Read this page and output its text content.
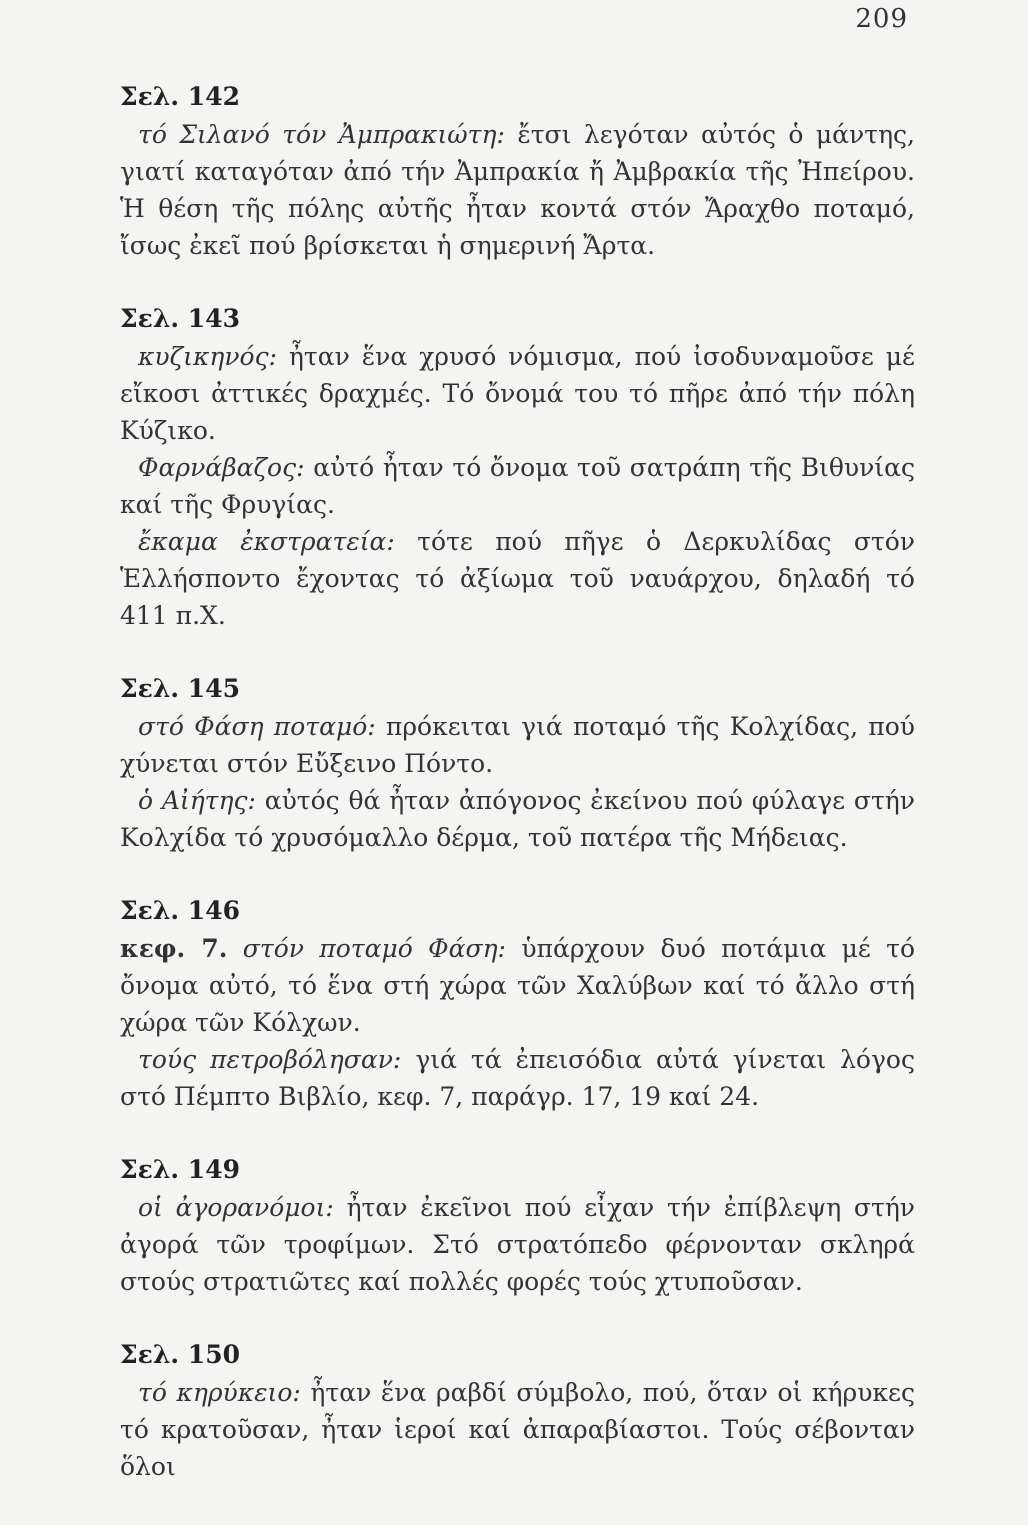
209
Σελ. 142

τό Σιλανό τόν Ἀμπρακιώτη: ἔτσι λεγόταν αὐτός ὁ μάντης, γιατί καταγόταν ἀπό τήν Ἀμπρακία ἤ Ἀμβρακία τῆς Ἠπείρου. Ἡ θέση τῆς πόλης αὐτῆς ἦταν κοντά στόν Ἄραχθο ποταμό, ἴσως ἐκεῖ πού βρίσκεται ἡ σημερινή Ἄρτα.

Σελ. 143

κυζικηνός: ἦταν ἕνα χρυσό νόμισμα, πού ἰσοδυναμοῦσε μέ εἴκοσι ἀττικές δραχμές. Τό ὄνομά του τό πῆρε ἀπό τήν πόλη Κύζικο.

Φαρνάβαζος: αὐτό ἦταν τό ὄνομα τοῦ σατράπη τῆς Βιθυνίας καί τῆς Φρυγίας.

ἔκαμα ἐκστρατεία: τότε πού πῆγε ὁ Δερκυλίδας στόν Ἑλλήσποντο ἔχοντας τό ἀξίωμα τοῦ ναυάρχου, δηλαδή τό 411 π.Χ.

Σελ. 145

στό Φάση ποταμό: πρόκειται γιά ποταμό τῆς Κολχίδας, πού χύνεται στόν Εὔξεινο Πόντο.

ὁ Αἰήτης: αὐτός θά ἦταν ἀπόγονος ἐκείνου πού φύλαγε στήν Κολχίδα τό χρυσόμαλλο δέρμα, τοῦ πατέρα τῆς Μήδειας.

Σελ. 146

κεφ. 7. στόν ποταμό Φάση: ὑπάρχουν δυό ποτάμια μέ τό ὄνομα αὐτό, τό ἕνα στή χώρα τῶν Χαλύβων καί τό ἄλλο στή χώρα τῶν Κόλχων.

τούς πετροβόλησαν: γιά τά ἐπεισόδια αὐτά γίνεται λόγος στό Πέμπτο Βιβλίο, κεφ. 7, παράγρ. 17, 19 καί 24.

Σελ. 149

οἱ ἀγορανόμοι: ἦταν ἐκεῖνοι πού εἶχαν τήν ἐπίβλεψη στήν ἀγορά τῶν τροφίμων. Στό στρατόπεδο φέρνονταν σκληρά στούς στρατιῶτες καί πολλές φορές τούς χτυποῦσαν.

Σελ. 150

τό κηρύκειο: ἦταν ἕνα ραβδί σύμβολο, πού, ὅταν οἱ κήρυκες τό κρατοῦσαν, ἦταν ἱεροί καί ἀπαραβίαστοι. Τούς σέβονταν ὅλοι
